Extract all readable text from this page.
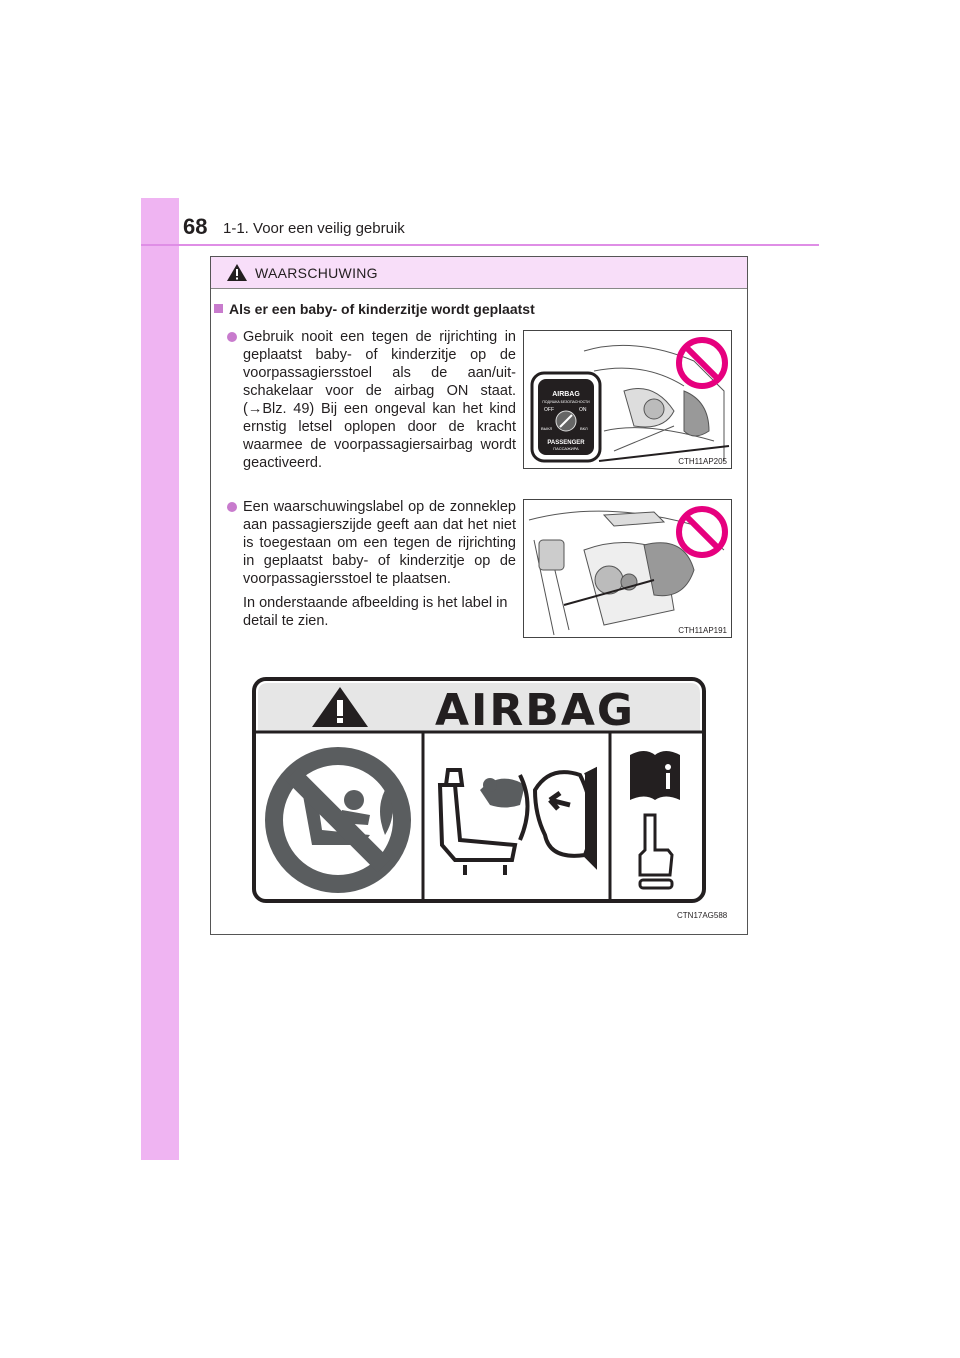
68 1-1. Voor een veilig gebruik
WAARSCHUWING
Als er een baby- of kinderzitje wordt geplaatst

Gebruik nooit een tegen de rijrichting in geplaatst baby- of kinderzitje op de voorpassagiersstoel als de aan/uit-schakelaar voor de airbag ON staat. (→Blz. 49) Bij een ongeval kan het kind ernstig letsel oplopen door de kracht waarmee de voorpassagiersairbag wordt geactiveerd.

Een waarschuwingslabel op de zonneklep aan passagierszijde geeft aan dat het niet is toegestaan om een tegen de rijrichting in geplaatst baby- of kinderzitje op de voorpassagiersstoel te plaatsen.

In onderstaande afbeelding is het label in detail te zien.

AIRBAG
ПОДУШКА БЕЗОПАСНОСТИ
OFF	ON
ВЫКЛ	ВКЛ
PASSENGER
ПАССАЖИРА
CTH11AP205
CTH11AP191
AIRBAG
CTN17AG588
